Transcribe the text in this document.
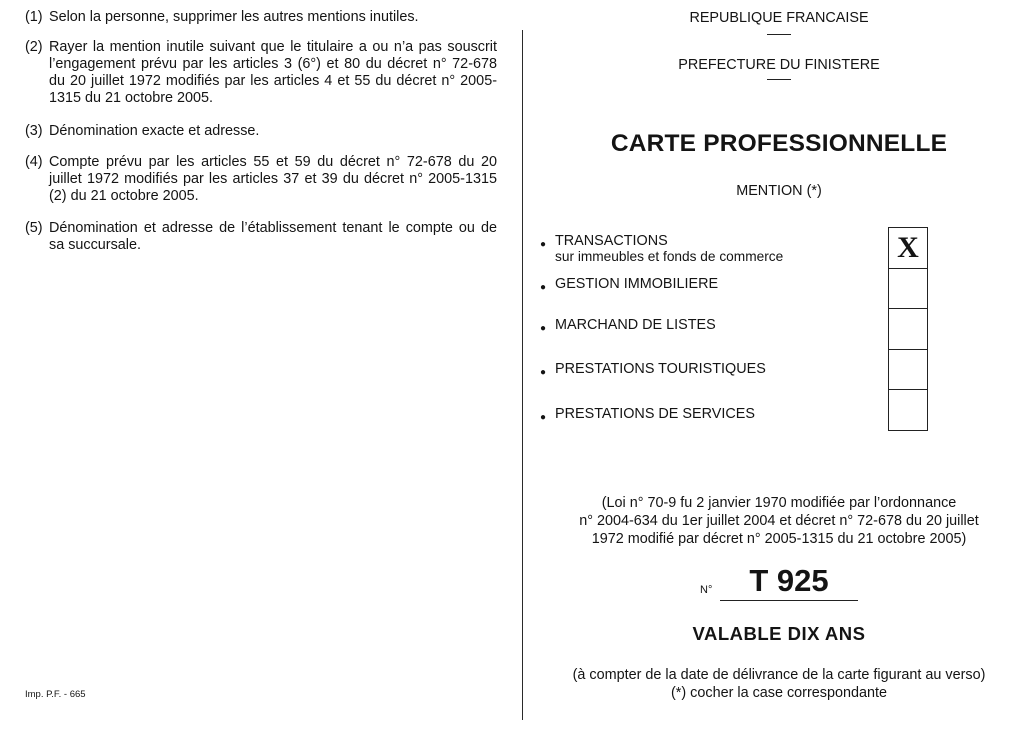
(1) Selon la personne, supprimer les autres mentions inutiles.
(2) Rayer la mention inutile suivant que le titulaire a ou n’a pas souscrit l’engagement prévu par les articles 3 (6°) et 80 du décret n° 72-678 du 20 juillet 1972 modifiés par les articles 4 et 55 du décret n° 2005-1315 du 21 octobre 2005.
(3) Dénomination exacte et adresse.
(4) Compte prévu par les articles 55 et 59 du décret n° 72-678 du 20 juillet 1972 modifiés par les articles 37 et 39 du décret n° 2005-1315 (2) du 21 octobre 2005.
(5) Dénomination et adresse de l’établissement tenant le compte ou de sa succursale.
Imp. P.F. - 665
REPUBLIQUE FRANCAISE
PREFECTURE DU FINISTERE
CARTE PROFESSIONNELLE
MENTION (*)
● TRANSACTIONS
sur immeubles et fonds de commerce
● GESTION IMMOBILIERE
● MARCHAND DE LISTES
● PRESTATIONS TOURISTIQUES
● PRESTATIONS DE SERVICES
X
(Loi n° 70-9 fu 2 janvier 1970 modifiée par l’ordonnance
n° 2004-634 du 1er juillet 2004 et décret n° 72-678 du 20 juillet
1972 modifié par décret n° 2005-1315 du 21 octobre 2005)
N°	T 925
VALABLE DIX ANS
(à compter de la date de délivrance de la carte figurant au verso)
(*) cocher la case correspondante
